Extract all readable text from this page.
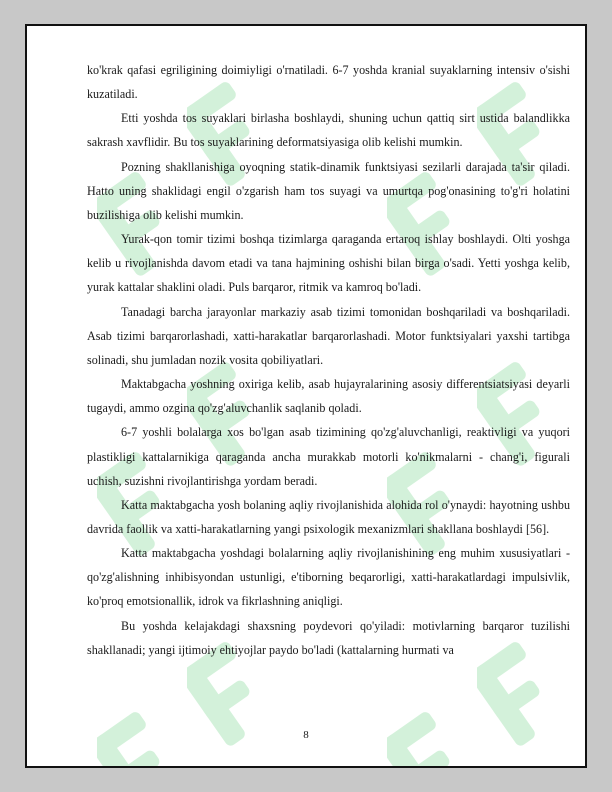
ko'krak qafasi egriligining doimiyligi o'rnatiladi. 6-7 yoshda kranial suyaklarning intensiv o'sishi kuzatiladi.

Etti yoshda tos suyaklari birlasha boshlaydi, shuning uchun qattiq sirt ustida balandlikka sakrash xavflidir. Bu tos suyaklarining deformatsiyasiga olib kelishi mumkin.

Pozning shakllanishiga oyoqning statik-dinamik funktsiyasi sezilarli darajada ta'sir qiladi. Hatto uning shaklidagi engil o'zgarish ham tos suyagi va umurtqa pog'onasining to'g'ri holatini buzilishiga olib kelishi mumkin.

Yurak-qon tomir tizimi boshqa tizimlarga qaraganda ertaroq ishlay boshlaydi. Olti yoshga kelib u rivojlanishda davom etadi va tana hajmining oshishi bilan birga o'sadi. Yetti yoshga kelib, yurak kattalar shaklini oladi. Puls barqaror, ritmik va kamroq bo'ladi.

Tanadagi barcha jarayonlar markaziy asab tizimi tomonidan boshqariladi va boshqariladi. Asab tizimi barqarorlashadi, xatti-harakatlar barqarorlashadi. Motor funktsiyalari yaxshi tartibga solinadi, shu jumladan nozik vosita qobiliyatlari.

Maktabgacha yoshning oxiriga kelib, asab hujayralarining asosiy differentsiatsiyasi deyarli tugaydi, ammo ozgina qo'zg'aluvchanlik saqlanib qoladi.

6-7 yoshli bolalarga xos bo'lgan asab tizimining qo'zg'aluvchanligi, reaktivligi va yuqori plastikligi kattalarnikiga qaraganda ancha murakkab motorli ko'nikmalarni - chang'i, figurali uchish, suzishni rivojlantirishga yordam beradi.

Katta maktabgacha yosh bolaning aqliy rivojlanishida alohida rol o'ynaydi: hayotning ushbu davrida faollik va xatti-harakatlarning yangi psixologik mexanizmlari shakllana boshlaydi [56].

Katta maktabgacha yoshdagi bolalarning aqliy rivojlanishining eng muhim xususiyatlari - qo'zg'alishning inhibisyondan ustunligi, e'tiborning beqarorligi, xatti-harakatlardagi impulsivlik, ko'proq emotsionallik, idrok va fikrlashning aniqligi.

Bu yoshda kelajakdagi shaxsning poydevori qo'yiladi: motivlarning barqaror tuzilishi shakllanadi; yangi ijtimoiy ehtiyojlar paydo bo'ladi (kattalarning hurmati va

8
